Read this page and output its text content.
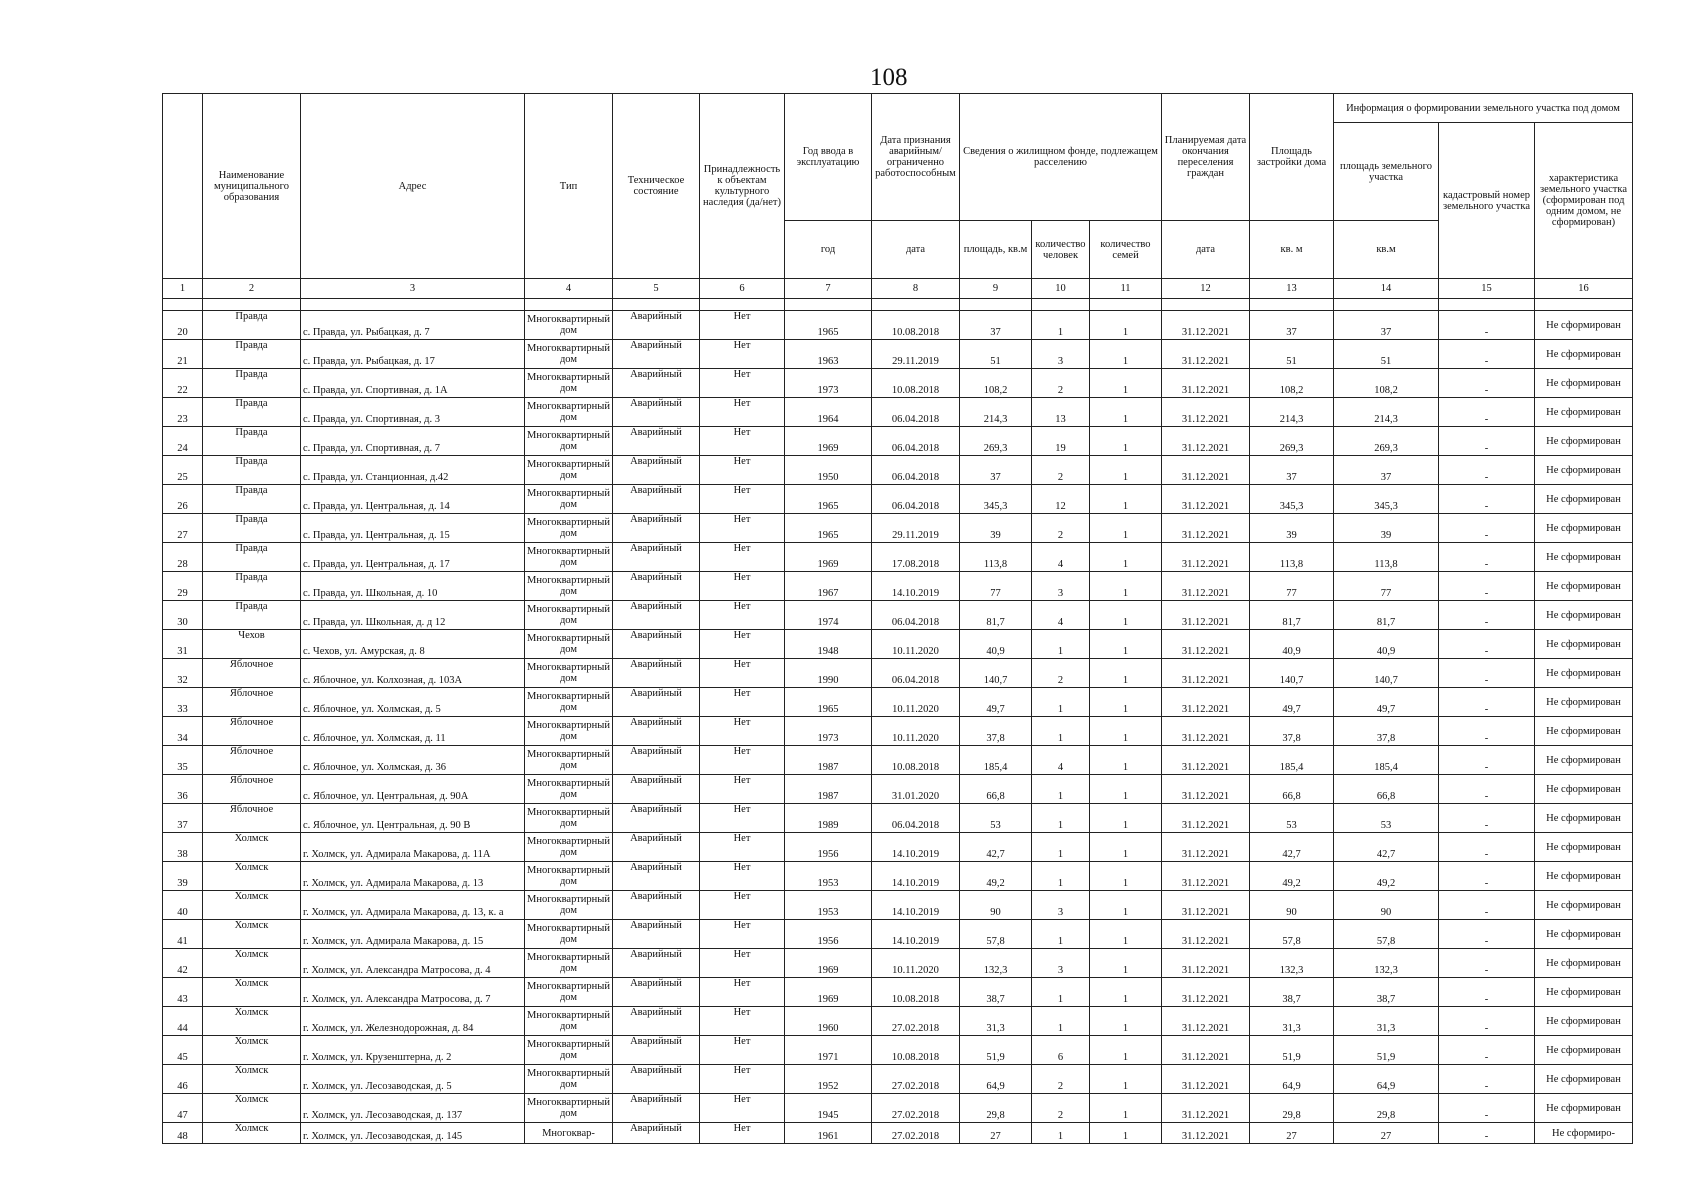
108
	Наименование муниципального образования	Адрес	Тип	Техническое состояние	Принадлежность к объектам культурного наследия (да/нет)	Год ввода в эксплуатацию	Дата признания аварийным/ограниченно работоспособным	Сведения о жилищном фонде, подлежащем расселению			Планируемая дата окончания переселения граждан	Площадь застройки дома	Информация о формировании земельного участка под домом		
													площадь земельного участка	кадастровый номер земельного участка	характеристика земельного участка (сформирован под одним домом, не сформирован)
						год	дата	площадь, кв.м	количество человек	количество семей	дата	кв. м	кв.м		
1	2	3	4	5	6	7	8	9	10	11	12	13	14	15	16

20	Правда	с. Правда, ул. Рыбацкая, д. 7	Многоквартирный дом	Аварийный	Нет	1965	10.08.2018	37	1	1	31.12.2021	37	37	-	Не сформирован
21	Правда	с. Правда, ул. Рыбацкая, д. 17	Многоквартирный дом	Аварийный	Нет	1963	29.11.2019	51	3	1	31.12.2021	51	51	-	Не сформирован
22	Правда	с. Правда, ул. Спортивная, д. 1А	Многоквартирный дом	Аварийный	Нет	1973	10.08.2018	108,2	2	1	31.12.2021	108,2	108,2	-	Не сформирован
23	Правда	с. Правда, ул. Спортивная, д. 3	Многоквартирный дом	Аварийный	Нет	1964	06.04.2018	214,3	13	1	31.12.2021	214,3	214,3	-	Не сформирован
24	Правда	с. Правда, ул. Спортивная, д. 7	Многоквартирный дом	Аварийный	Нет	1969	06.04.2018	269,3	19	1	31.12.2021	269,3	269,3	-	Не сформирован
25	Правда	с. Правда, ул. Станционная, д.42	Многоквартирный дом	Аварийный	Нет	1950	06.04.2018	37	2	1	31.12.2021	37	37	-	Не сформирован
26	Правда	с. Правда, ул. Центральная, д. 14	Многоквартирный дом	Аварийный	Нет	1965	06.04.2018	345,3	12	1	31.12.2021	345,3	345,3	-	Не сформирован
27	Правда	с. Правда, ул. Центральная, д. 15	Многоквартирный дом	Аварийный	Нет	1965	29.11.2019	39	2	1	31.12.2021	39	39	-	Не сформирован
28	Правда	с. Правда, ул. Центральная, д. 17	Многоквартирный дом	Аварийный	Нет	1969	17.08.2018	113,8	4	1	31.12.2021	113,8	113,8	-	Не сформирован
29	Правда	с. Правда, ул. Школьная, д. 10	Многоквартирный дом	Аварийный	Нет	1967	14.10.2019	77	3	1	31.12.2021	77	77	-	Не сформирован
30	Правда	с. Правда, ул. Школьная, д. д 12	Многоквартирный дом	Аварийный	Нет	1974	06.04.2018	81,7	4	1	31.12.2021	81,7	81,7	-	Не сформирован
31	Чехов	с. Чехов, ул. Амурская, д. 8	Многоквартирный дом	Аварийный	Нет	1948	10.11.2020	40,9	1	1	31.12.2021	40,9	40,9	-	Не сформирован
32	Яблочное	с. Яблочное, ул. Колхозная, д. 103А	Многоквартирный дом	Аварийный	Нет	1990	06.04.2018	140,7	2	1	31.12.2021	140,7	140,7	-	Не сформирован
33	Яблочное	с. Яблочное, ул. Холмская, д. 5	Многоквартирный дом	Аварийный	Нет	1965	10.11.2020	49,7	1	1	31.12.2021	49,7	49,7	-	Не сформирован
34	Яблочное	с. Яблочное, ул. Холмская, д. 11	Многоквартирный дом	Аварийный	Нет	1973	10.11.2020	37,8	1	1	31.12.2021	37,8	37,8	-	Не сформирован
35	Яблочное	с. Яблочное, ул. Холмская, д. 36	Многоквартирный дом	Аварийный	Нет	1987	10.08.2018	185,4	4	1	31.12.2021	185,4	185,4	-	Не сформирован
36	Яблочное	с. Яблочное, ул. Центральная, д. 90А	Многоквартирный дом	Аварийный	Нет	1987	31.01.2020	66,8	1	1	31.12.2021	66,8	66,8	-	Не сформирован
37	Яблочное	с. Яблочное, ул. Центральная, д. 90 В	Многоквартирный дом	Аварийный	Нет	1989	06.04.2018	53	1	1	31.12.2021	53	53	-	Не сформирован
38	Холмск	г. Холмск, ул. Адмирала Макарова, д. 11А	Многоквартирный дом	Аварийный	Нет	1956	14.10.2019	42,7	1	1	31.12.2021	42,7	42,7	-	Не сформирован
39	Холмск	г. Холмск, ул. Адмирала Макарова, д. 13	Многоквартирный дом	Аварийный	Нет	1953	14.10.2019	49,2	1	1	31.12.2021	49,2	49,2	-	Не сформирован
40	Холмск	г. Холмск, ул. Адмирала Макарова, д. 13, к. а	Многоквартирный дом	Аварийный	Нет	1953	14.10.2019	90	3	1	31.12.2021	90	90	-	Не сформирован
41	Холмск	г. Холмск, ул. Адмирала Макарова, д. 15	Многоквартирный дом	Аварийный	Нет	1956	14.10.2019	57,8	1	1	31.12.2021	57,8	57,8	-	Не сформирован
42	Холмск	г. Холмск, ул. Александра Матросова, д. 4	Многоквартирный дом	Аварийный	Нет	1969	10.11.2020	132,3	3	1	31.12.2021	132,3	132,3	-	Не сформирован
43	Холмск	г. Холмск, ул. Александра Матросова, д. 7	Многоквартирный дом	Аварийный	Нет	1969	10.08.2018	38,7	1	1	31.12.2021	38,7	38,7	-	Не сформирован
44	Холмск	г. Холмск, ул. Железнодорожная, д. 84	Многоквартирный дом	Аварийный	Нет	1960	27.02.2018	31,3	1	1	31.12.2021	31,3	31,3	-	Не сформирован
45	Холмск	г. Холмск, ул. Крузенштерна, д. 2	Многоквартирный дом	Аварийный	Нет	1971	10.08.2018	51,9	6	1	31.12.2021	51,9	51,9	-	Не сформирован
46	Холмск	г. Холмск, ул. Лесозаводская, д. 5	Многоквартирный дом	Аварийный	Нет	1952	27.02.2018	64,9	2	1	31.12.2021	64,9	64,9	-	Не сформирован
47	Холмск	г. Холмск, ул. Лесозаводская, д. 137	Многоквартирный дом	Аварийный	Нет	1945	27.02.2018	29,8	2	1	31.12.2021	29,8	29,8	-	Не сформирован
48	Холмск	г. Холмск, ул. Лесозаводская, д. 145	Многоквар-	Аварийный	Нет	1961	27.02.2018	27	1	1	31.12.2021	27	27	-	Не сформиро-
